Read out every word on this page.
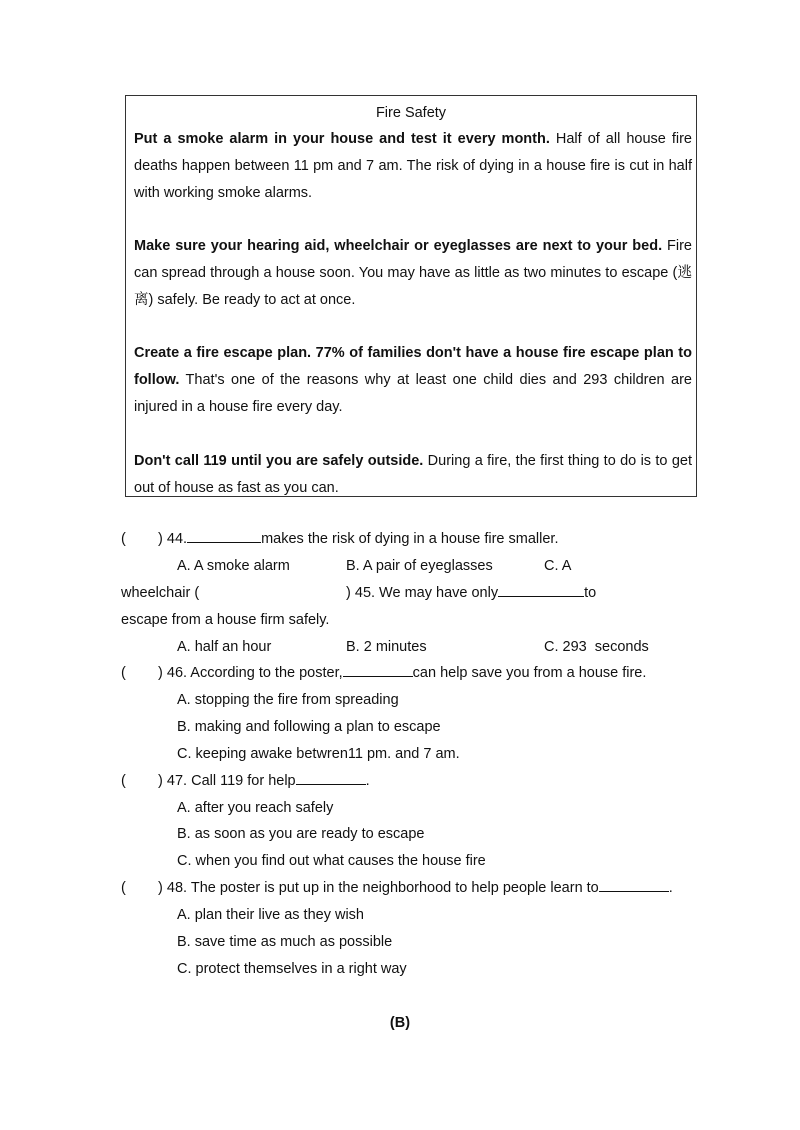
Fire Safety
Put a smoke alarm in your house and test it every month. Half of all house fire deaths happen between 11 pm and 7 am. The risk of dying in a house fire is cut in half with working smoke alarms.
Make sure your hearing aid, wheelchair or eyeglasses are next to your bed. Fire can spread through a house soon. You may have as little as two minutes to escape (逃离) safely. Be ready to act at once.
Create a fire escape plan. 77% of families don't have a house fire escape plan to follow. That's one of the reasons why at least one child dies and 293 children are injured in a house fire every day.
Don't call 119 until you are safely outside. During a fire, the first thing to do is to get out of house as fast as you can.
(        ) 44.	makes the risk of dying in a house fire smaller.
A. A smoke alarm	B. A pair of eyeglasses	C. A
wheelchair (	) 45. We may have only	to
escape from a house firm safely.
A. half an hour	B. 2 minutes	C. 293  seconds
(        ) 46. According to the poster,	can help save you from a house fire.
A. stopping the fire from spreading
B. making and following a plan to escape
C. keeping awake betwren11 pm. and 7 am.
(        ) 47. Call 119 for help	.
A. after you reach safely
B. as soon as you are ready to escape
C. when you find out what causes the house fire
(        ) 48. The poster is put up in the neighborhood to help people learn to	.
A. plan their live as they wish
B. save time as much as possible
C. protect themselves in a right way
(B)
